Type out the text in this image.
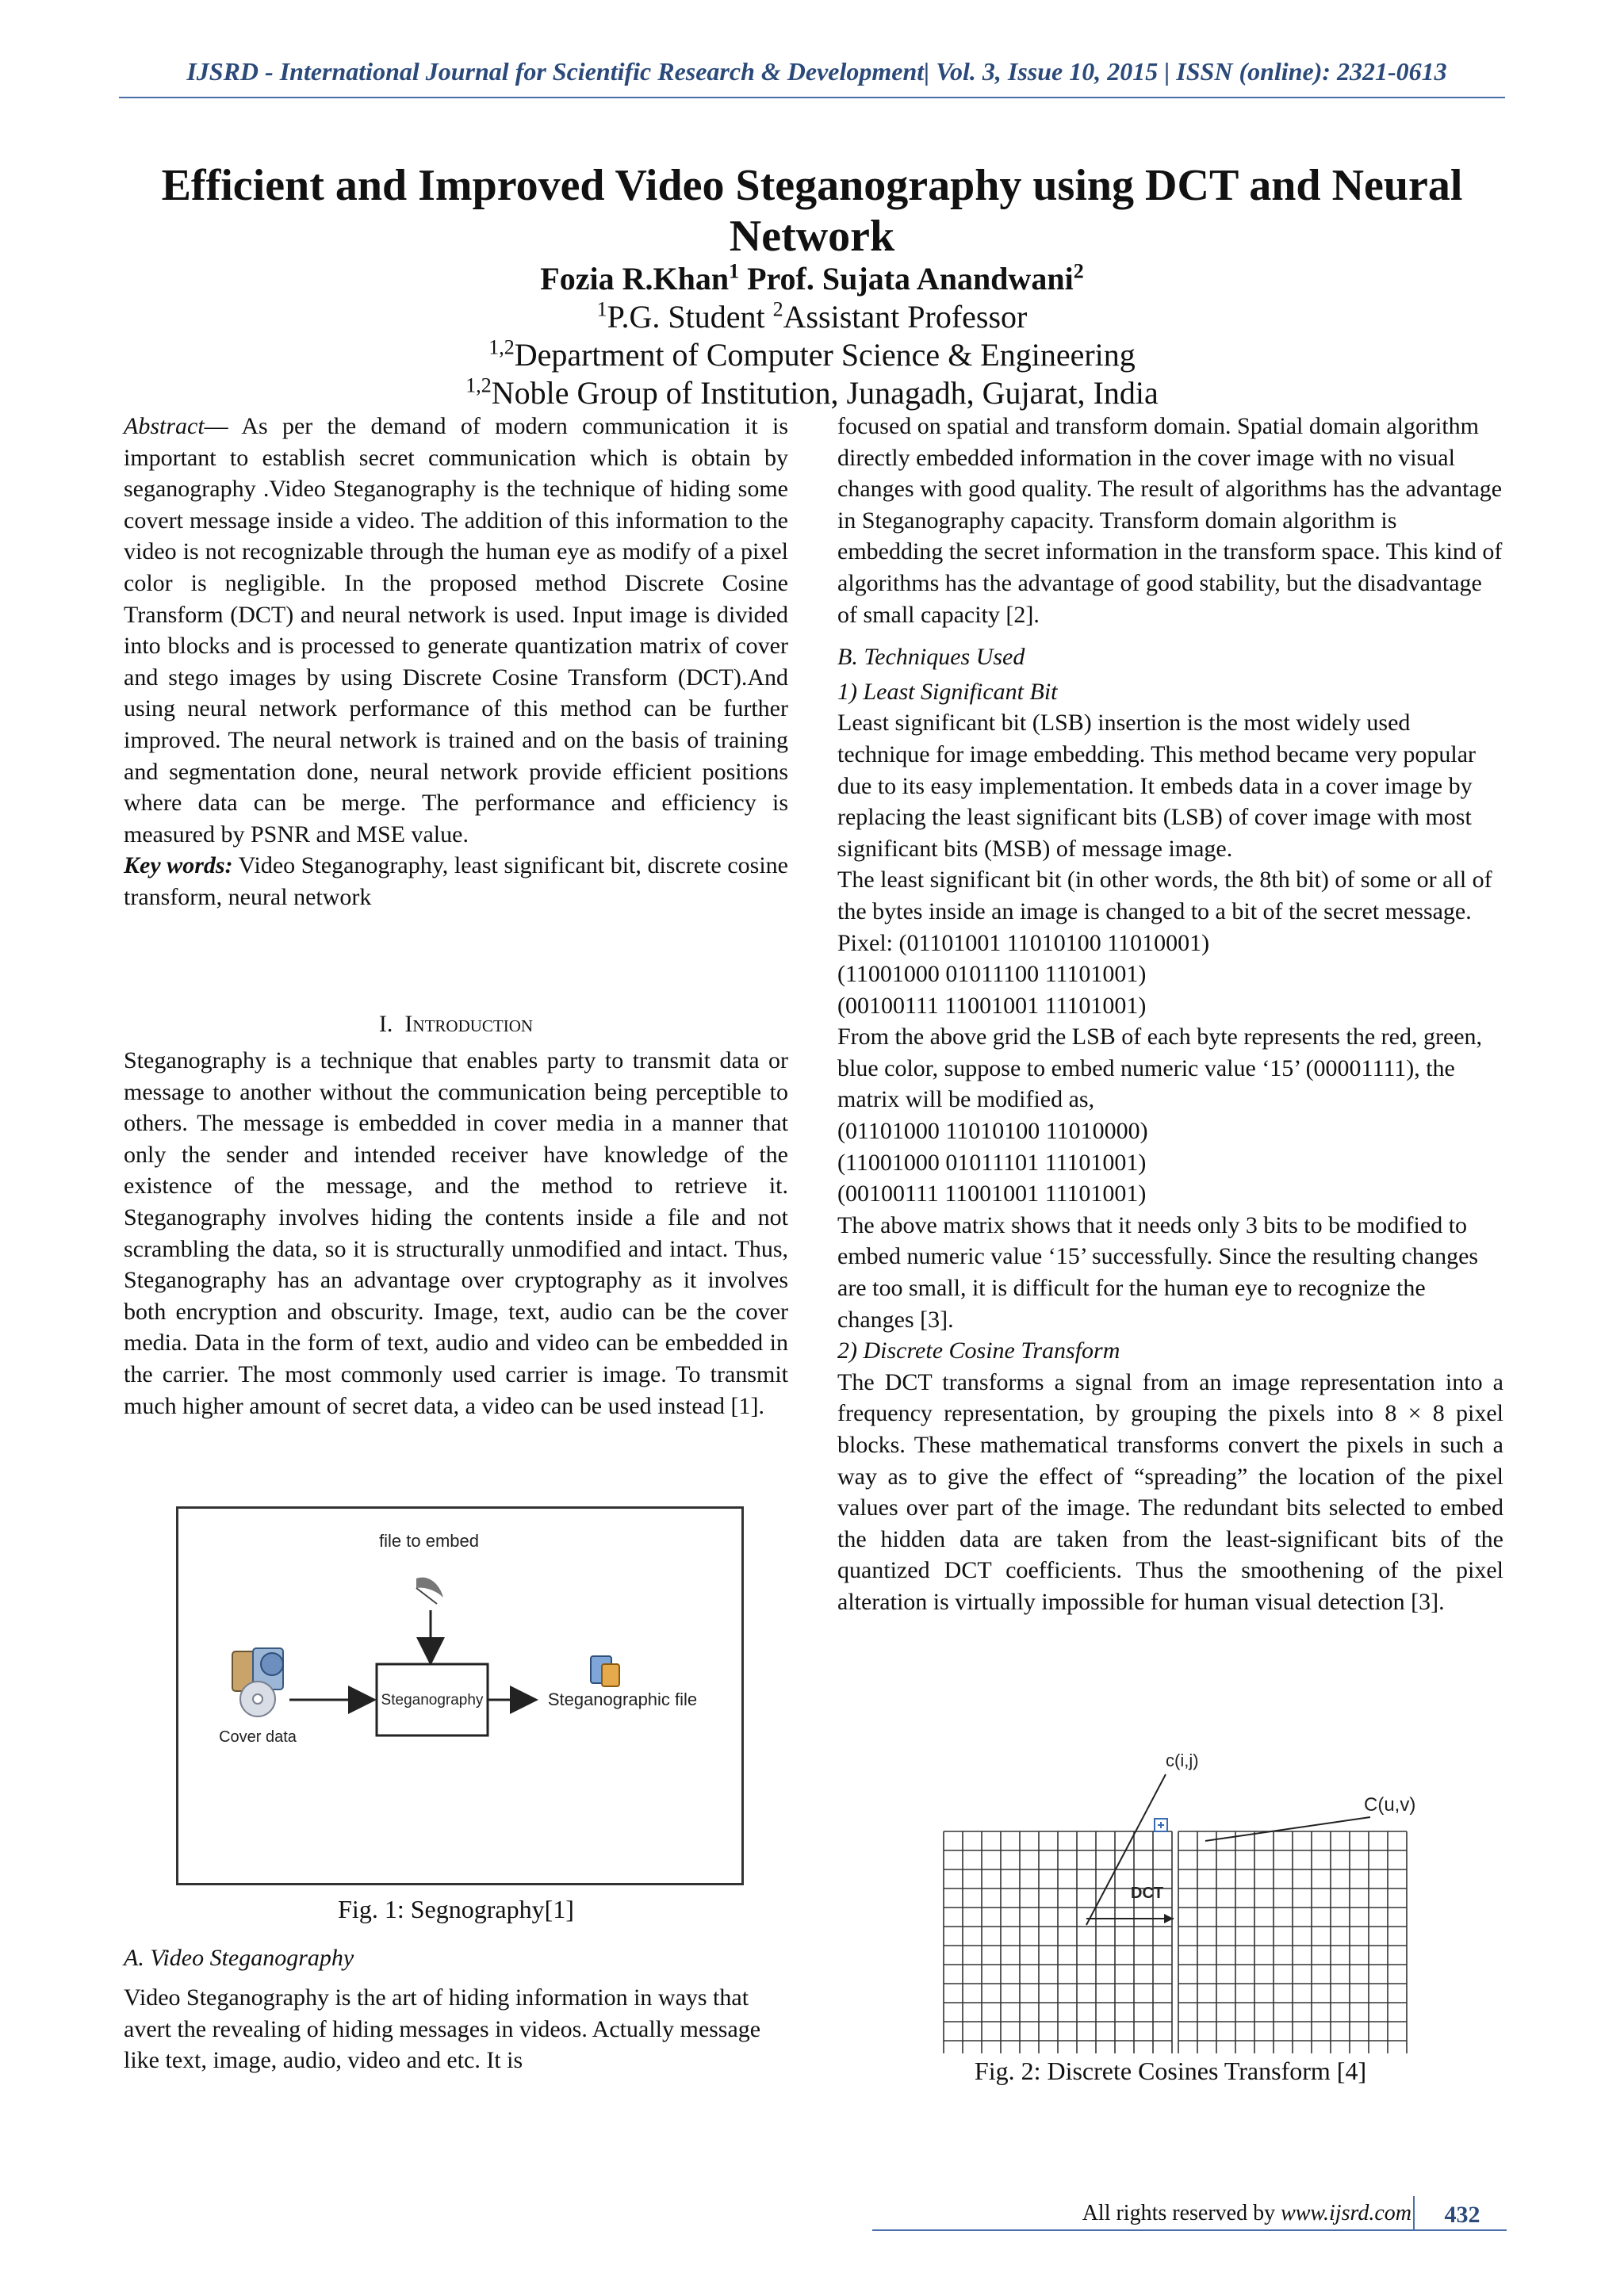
IJSRD - International Journal for Scientific Research & Development| Vol. 3, Issue 10, 2015 | ISSN (online): 2321-0613
Efficient and Improved Video Steganography using DCT and Neural
Network
Fozia R.Khan$^1$ Prof. Sujata Anandwani$^2$
$^1$P.G. Student $^2$Assistant Professor
$^{1,2}$Department of Computer Science & Engineering
$^{1,2}$Noble Group of Institution, Junagadh, Gujarat, India

Abstract— As per the demand of modern communication it is important to establish secret communication which is obtain by seganography .Video Steganography is the technique of hiding some covert message inside a video. The addition of this information to the video is not recognizable through the human eye as modify of a pixel color is negligible. In the proposed method Discrete Cosine Transform (DCT) and neural network is used. Input image is divided into blocks and is processed to generate quantization matrix of cover and stego images by using Discrete Cosine Transform (DCT).And using neural network performance of this method can be further improved. The neural network is trained and on the basis of training and segmentation done, neural network provide efficient positions where data can be merge. The performance and efficiency is measured by PSNR and MSE value.

Key words: Video Steganography, least significant bit, discrete cosine transform, neural network

I. Introduction
Steganography is a technique that enables party to transmit data or message to another without the communication being perceptible to others. The message is embedded in cover media in a manner that only the sender and intended receiver have knowledge of the existence of the message, and the method to retrieve it. Steganography involves hiding the contents inside a file and not scrambling the data, so it is structurally unmodified and intact. Thus, Steganography has an advantage over cryptography as it involves both encryption and obscurity. Image, text, audio can be the cover media. Data in the form of text, audio and video can be embedded in the carrier. The most commonly used carrier is image. To transmit much higher amount of secret data, a video can be used instead [1].
file to embed
Steganography
Cover data
Steganographic file
Fig. 1: Segnography[1]
A. Video Steganography
Video Steganography is the art of hiding information in ways that avert the revealing of hiding messages in videos. Actually message like text, image, audio, video and etc. It is

focused on spatial and transform domain. Spatial domain algorithm directly embedded information in the cover image with no visual changes with good quality. The result of algorithms has the advantage in Steganography capacity. Transform domain algorithm is embedding the secret information in the transform space. This kind of algorithms has the advantage of good stability, but the disadvantage of small capacity [2].

B. Techniques Used

1) Least Significant Bit

Least significant bit (LSB) insertion is the most widely used technique for image embedding. This method became very popular due to its easy implementation. It embeds data in a cover image by replacing the least significant bits (LSB) of cover image with most significant bits (MSB) of message image.

The least significant bit (in other words, the 8th bit) of some or all of the bytes inside an image is changed to a bit of the secret message.

Pixel: (01101001 11010100 11010001)

(11001000 01011100 11101001)

(00100111 11001001 11101001)

From the above grid the LSB of each byte represents the red, green, blue color, suppose to embed numeric value ‘15’ (00001111), the matrix will be modified as,

(01101000 11010100 11010000)

(11001000 01011101 11101001)

(00100111 11001001 11101001)

The above matrix shows that it needs only 3 bits to be modified to embed numeric value ‘15’ successfully. Since the resulting changes are too small, it is difficult for the human eye to recognize the changes [3].

2) Discrete Cosine Transform

The DCT transforms a signal from an image representation into a frequency representation, by grouping the pixels into 8 × 8 pixel blocks. These mathematical transforms convert the pixels in such a way as to give the effect of “spreading” the location of the pixel values over part of the image. The redundant bits selected to embed the hidden data are taken from the least-significant bits of the quantized DCT coefficients. Thus the smoothening of the pixel alteration is virtually impossible for human visual detection [3].

c(i,j)
C(u,v)
DCT
Fig. 2: Discrete Cosines Transform [4]
All rights reserved by www.ijsrd.com	432
